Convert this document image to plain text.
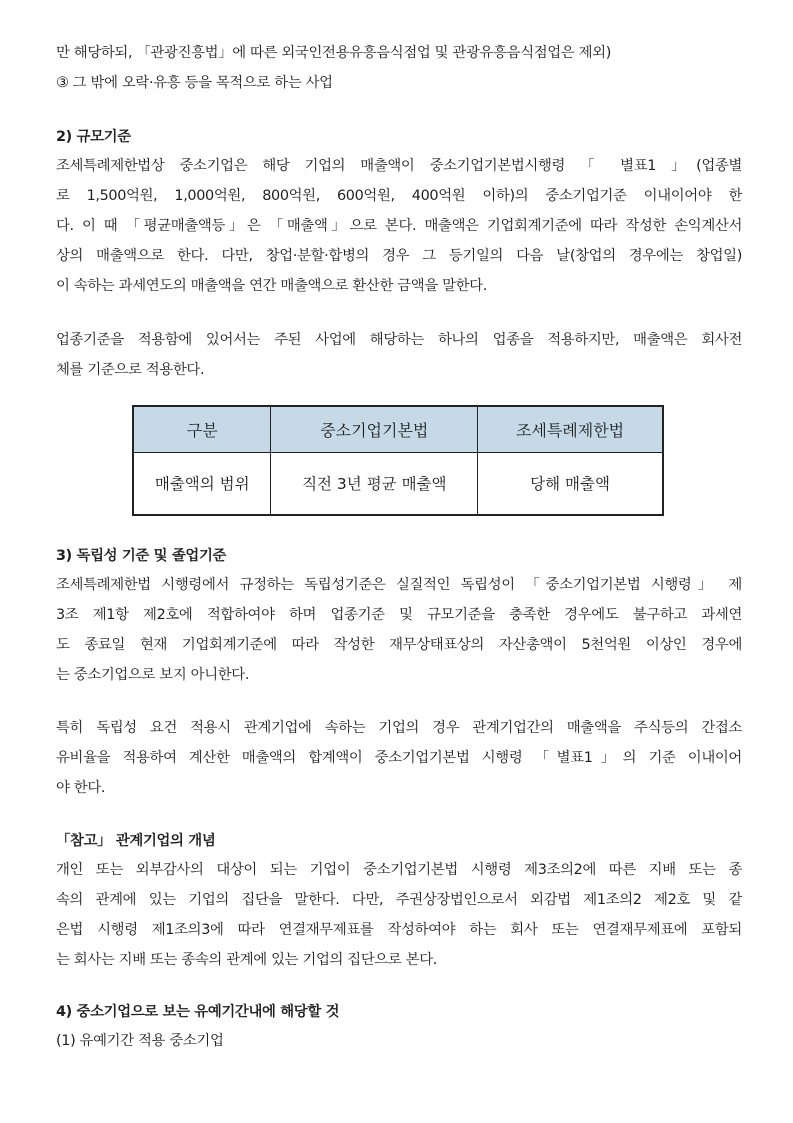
만 해당하되, 「관광진흥법」에 따른 외국인전용유흥음식점업 및 관광유흥음식점업은 제외)
③ 그 밖에 오락·유흥 등을 목적으로 하는 사업
2) 규모기준
조세특례제한법상 중소기업은 해당 기업의 매출액이 중소기업기본법시행령 「 별표1 」(업종별
로 1,500억원, 1,000억원, 800억원, 600억원, 400억원 이하)의 중소기업기준 이내이어야 한
다. 이 때 「평균매출액등」은 「매출액」으로 본다. 매출액은 기업회계기준에 따라 작성한 손익계산서
상의 매출액으로 한다. 다만, 창업·분할·합병의 경우 그 등기일의 다음 날(창업의 경우에는 창업일)
이 속하는 과세연도의 매출액을 연간 매출액으로 환산한 금액을 말한다.
업종기준을 적용함에 있어서는 주된 사업에 해당하는 하나의 업종을 적용하지만, 매출액은 회사전
체를 기준으로 적용한다.
구분	중소기업기본법	조세특례제한법
매출액의 범위	직전 3년 평균 매출액	당해 매출액
3) 독립성 기준 및 졸업기준
조세특례제한법 시행령에서 규정하는 독립성기준은 실질적인 독립성이 「중소기업기본법 시행령」 제
3조 제1항 제2호에 적합하여야 하며 업종기준 및 규모기준을 충족한 경우에도 불구하고 과세연
도 종료일 현재 기업회계기준에 따라 작성한 재무상태표상의 자산총액이 5천억원 이상인 경우에
는 중소기업으로 보지 아니한다.
특히 독립성 요건 적용시 관계기업에 속하는 기업의 경우 관계기업간의 매출액을 주식등의 간접소
유비율을 적용하여 계산한 매출액의 합계액이 중소기업기본법 시행령 「별표1」의 기준 이내이어
야 한다.
「참고」 관계기업의 개념
개인 또는 외부감사의 대상이 되는 기업이 중소기업기본법 시행령 제3조의2에 따른 지배 또는 종
속의 관계에 있는 기업의 집단을 말한다. 다만, 주권상장법인으로서 외감법 제1조의2 제2호 및 같
은법 시행령 제1조의3에 따라 연결재무제표를 작성하여야 하는 회사 또는 연결재무제표에 포함되
는 회사는 지배 또는 종속의 관계에 있는 기업의 집단으로 본다.
4) 중소기업으로 보는 유예기간내에 해당할 것
(1) 유예기간 적용 중소기업
